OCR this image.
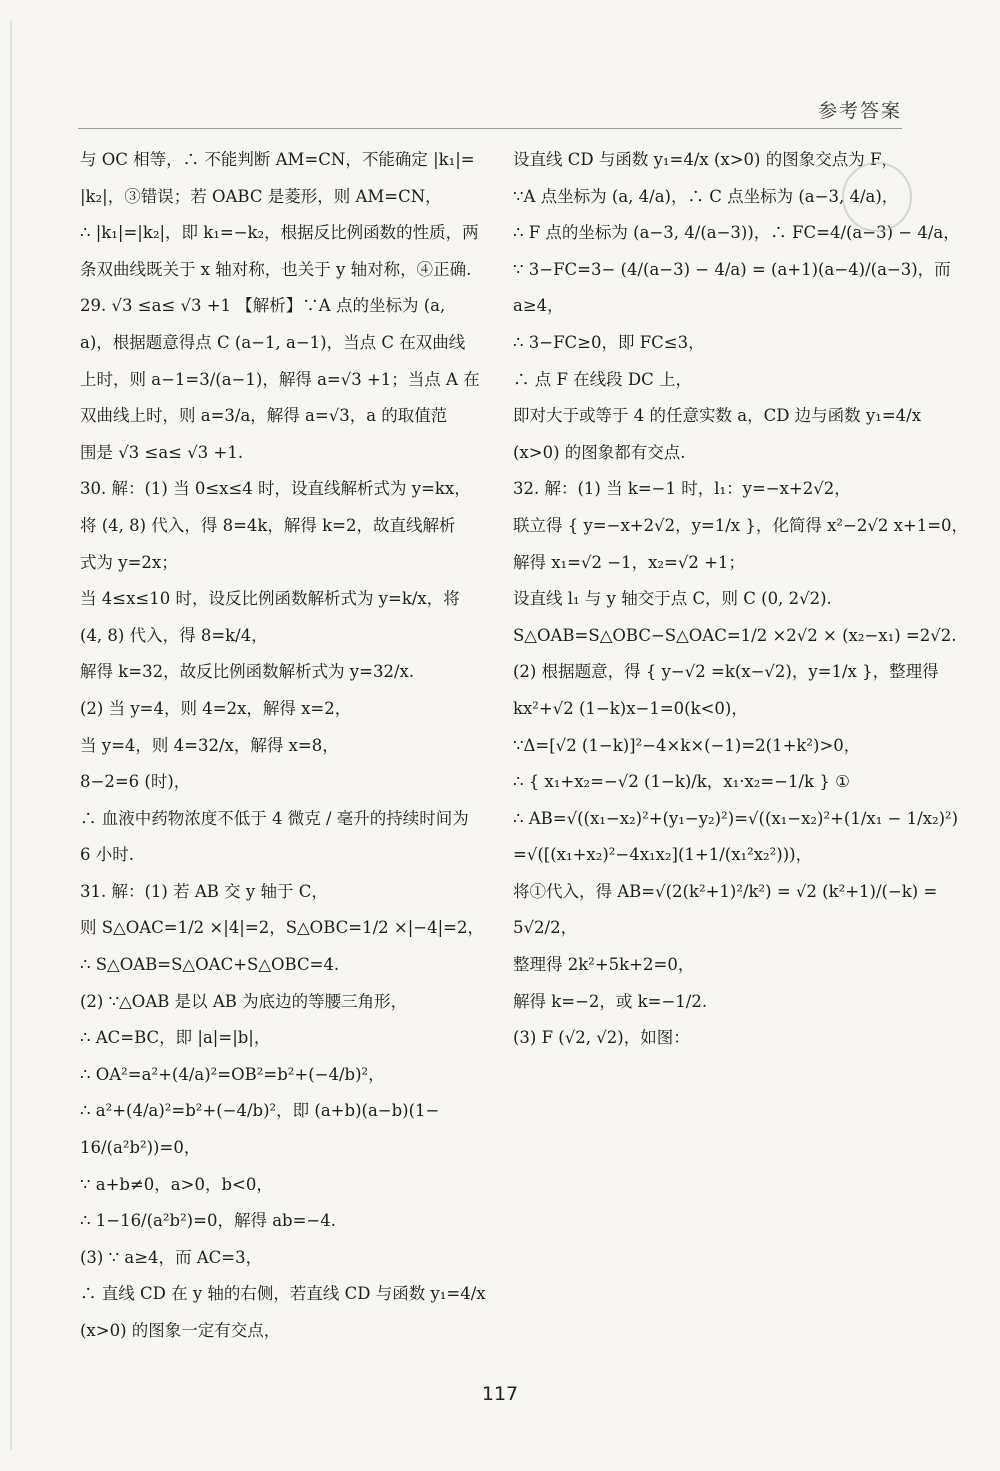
参考答案
与 OC 相等，∴ 不能判断 AM=CN，不能确定 |k₁|=
|k₂|，③错误；若 OABC 是菱形，则 AM=CN，
∴ |k₁|=|k₂|，即 k₁=−k₂，根据反比例函数的性质，两
条双曲线既关于 x 轴对称，也关于 y 轴对称，④正确.
29. √3 ≤a≤ √3 +1 【解析】∵A 点的坐标为 (a,
a)，根据题意得点 C (a−1, a−1)，当点 C 在双曲线
上时，则 a−1=3/(a−1)，解得 a=√3 +1；当点 A 在
双曲线上时，则 a=3/a，解得 a=√3，a 的取值范
围是 √3 ≤a≤ √3 +1.
30. 解：(1) 当 0≤x≤4 时，设直线解析式为 y=kx，
将 (4, 8) 代入，得 8=4k，解得 k=2，故直线解析
式为 y=2x；
当 4≤x≤10 时，设反比例函数解析式为 y=k/x，将
(4, 8) 代入，得 8=k/4，
解得 k=32，故反比例函数解析式为 y=32/x.
(2) 当 y=4，则 4=2x，解得 x=2，
当 y=4，则 4=32/x，解得 x=8，
8−2=6 (时)，
∴ 血液中药物浓度不低于 4 微克 / 毫升的持续时间为
6 小时.
31. 解：(1) 若 AB 交 y 轴于 C，
则 S△OAC=1/2 ×|4|=2，S△OBC=1/2 ×|−4|=2，
∴ S△OAB=S△OAC+S△OBC=4.
(2) ∵△OAB 是以 AB 为底边的等腰三角形，
∴ AC=BC，即 |a|=|b|，
∴ OA²=a²+(4/a)²=OB²=b²+(−4/b)²，
∴ a²+(4/a)²=b²+(−4/b)²，即 (a+b)(a−b)(1−
16/(a²b²))=0，
∵ a+b≠0，a>0，b<0，
∴ 1−16/(a²b²)=0，解得 ab=−4.
(3) ∵ a≥4，而 AC=3，
∴ 直线 CD 在 y 轴的右侧，若直线 CD 与函数 y₁=4/x
(x>0) 的图象一定有交点，
设直线 CD 与函数 y₁=4/x (x>0) 的图象交点为 F，
∵A 点坐标为 (a, 4/a)，∴ C 点坐标为 (a−3, 4/a)，
∴ F 点的坐标为 (a−3, 4/(a−3))，∴ FC=4/(a−3) − 4/a，
∵ 3−FC=3− (4/(a−3) − 4/a) = (a+1)(a−4)/(a−3)，而
a≥4，
∴ 3−FC≥0，即 FC≤3，
∴ 点 F 在线段 DC 上，
即对大于或等于 4 的任意实数 a，CD 边与函数 y₁=4/x
(x>0) 的图象都有交点.
32. 解：(1) 当 k=−1 时，l₁：y=−x+2√2，
联立得 { y=−x+2√2，y=1/x }，化简得 x²−2√2 x+1=0，
解得 x₁=√2 −1，x₂=√2 +1；
设直线 l₁ 与 y 轴交于点 C，则 C (0, 2√2).
S△OAB=S△OBC−S△OAC=1/2 ×2√2 × (x₂−x₁) =2√2.
(2) 根据题意，得 { y−√2 =k(x−√2)，y=1/x }，整理得
kx²+√2 (1−k)x−1=0(k<0)，
∵Δ=[√2 (1−k)]²−4×k×(−1)=2(1+k²)>0，
∴ { x₁+x₂=−√2 (1−k)/k，x₁·x₂=−1/k } ①
∴ AB=√((x₁−x₂)²+(y₁−y₂)²)=√((x₁−x₂)²+(1/x₁ − 1/x₂)²)
=√([(x₁+x₂)²−4x₁x₂](1+1/(x₁²x₂²)))，
将①代入，得 AB=√(2(k²+1)²/k²) = √2 (k²+1)/(−k) =
5√2/2，
整理得 2k²+5k+2=0，
解得 k=−2，或 k=−1/2.
(3) F (√2, √2)，如图：
117
